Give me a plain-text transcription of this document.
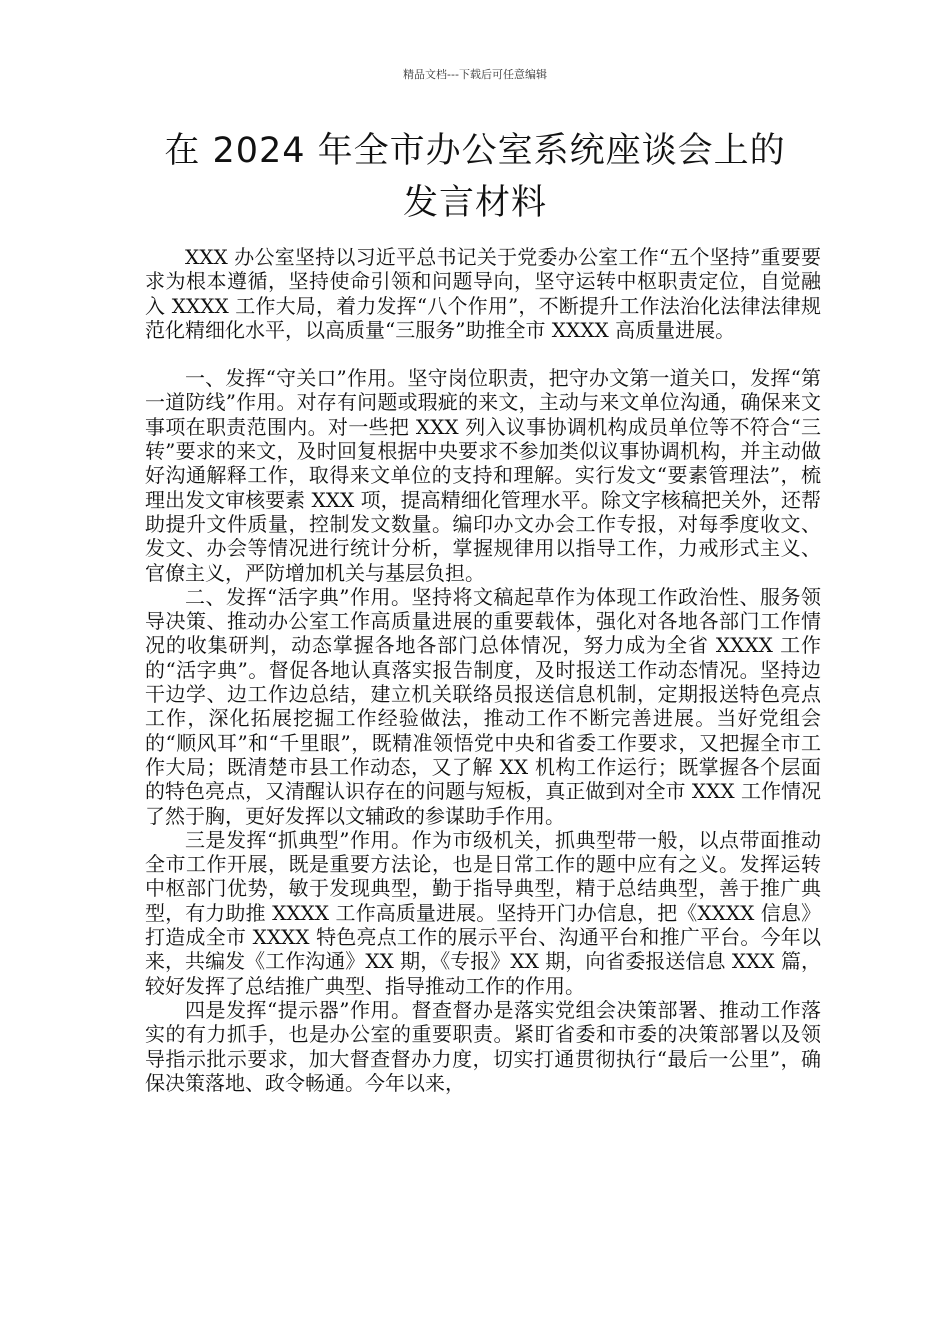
精品文档---下载后可任意编辑
在 2024 年全市办公室系统座谈会上的
发言材料

XXX 办公室坚持以习近平总书记关于党委办公室工作“五个坚持”重要要求为根本遵循，坚持使命引领和问题导向，坚守运转中枢职责定位，自觉融入 XXXX 工作大局，着力发挥“八个作用”，不断提升工作法治化法律法律规范化精细化水平，以高质量“三服务”助推全市 XXXX 高质量进展。

一、发挥“守关口”作用。坚守岗位职责，把守办文第一道关口，发挥“第一道防线”作用。对存有问题或瑕疵的来文，主动与来文单位沟通，确保来文事项在职责范围内。对一些把 XXX 列入议事协调机构成员单位等不符合“三转”要求的来文，及时回复根据中央要求不参加类似议事协调机构，并主动做好沟通解释工作，取得来文单位的支持和理解。实行发文“要素管理法”，梳理出发文审核要素 XXX 项，提高精细化管理水平。除文字核稿把关外，还帮助提升文件质量，控制发文数量。编印办文办会工作专报，对每季度收文、发文、办会等情况进行统计分析，掌握规律用以指导工作，力戒形式主义、官僚主义，严防增加机关与基层负担。

二、发挥“活字典”作用。坚持将文稿起草作为体现工作政治性、服务领导决策、推动办公室工作高质量进展的重要载体，强化对各地各部门工作情况的收集研判，动态掌握各地各部门总体情况，努力成为全省 XXXX 工作的“活字典”。督促各地认真落实报告制度，及时报送工作动态情况。坚持边干边学、边工作边总结，建立机关联络员报送信息机制，定期报送特色亮点工作，深化拓展挖掘工作经验做法，推动工作不断完善进展。当好党组会的“顺风耳”和“千里眼”，既精准领悟党中央和省委工作要求，又把握全市工作大局；既清楚市县工作动态，又了解 XX 机构工作运行；既掌握各个层面的特色亮点，又清醒认识存在的问题与短板，真正做到对全市 XXX 工作情况了然于胸，更好发挥以文辅政的参谋助手作用。

三是发挥“抓典型”作用。作为市级机关，抓典型带一般，以点带面推动全市工作开展，既是重要方法论，也是日常工作的题中应有之义。发挥运转中枢部门优势，敏于发现典型，勤于指导典型，精于总结典型，善于推广典型，有力助推 XXXX 工作高质量进展。坚持开门办信息，把《XXXX 信息》打造成全市 XXXX 特色亮点工作的展示平台、沟通平台和推广平台。今年以来，共编发《工作沟通》XX 期，《专报》XX 期，向省委报送信息 XXX 篇，较好发挥了总结推广典型、指导推动工作的作用。

四是发挥“提示器”作用。督查督办是落实党组会决策部署、推动工作落实的有力抓手，也是办公室的重要职责。紧盯省委和市委的决策部署以及领导指示批示要求，加大督查督办力度，切实打通贯彻执行“最后一公里”，确保决策落地、政令畅通。今年以来，
